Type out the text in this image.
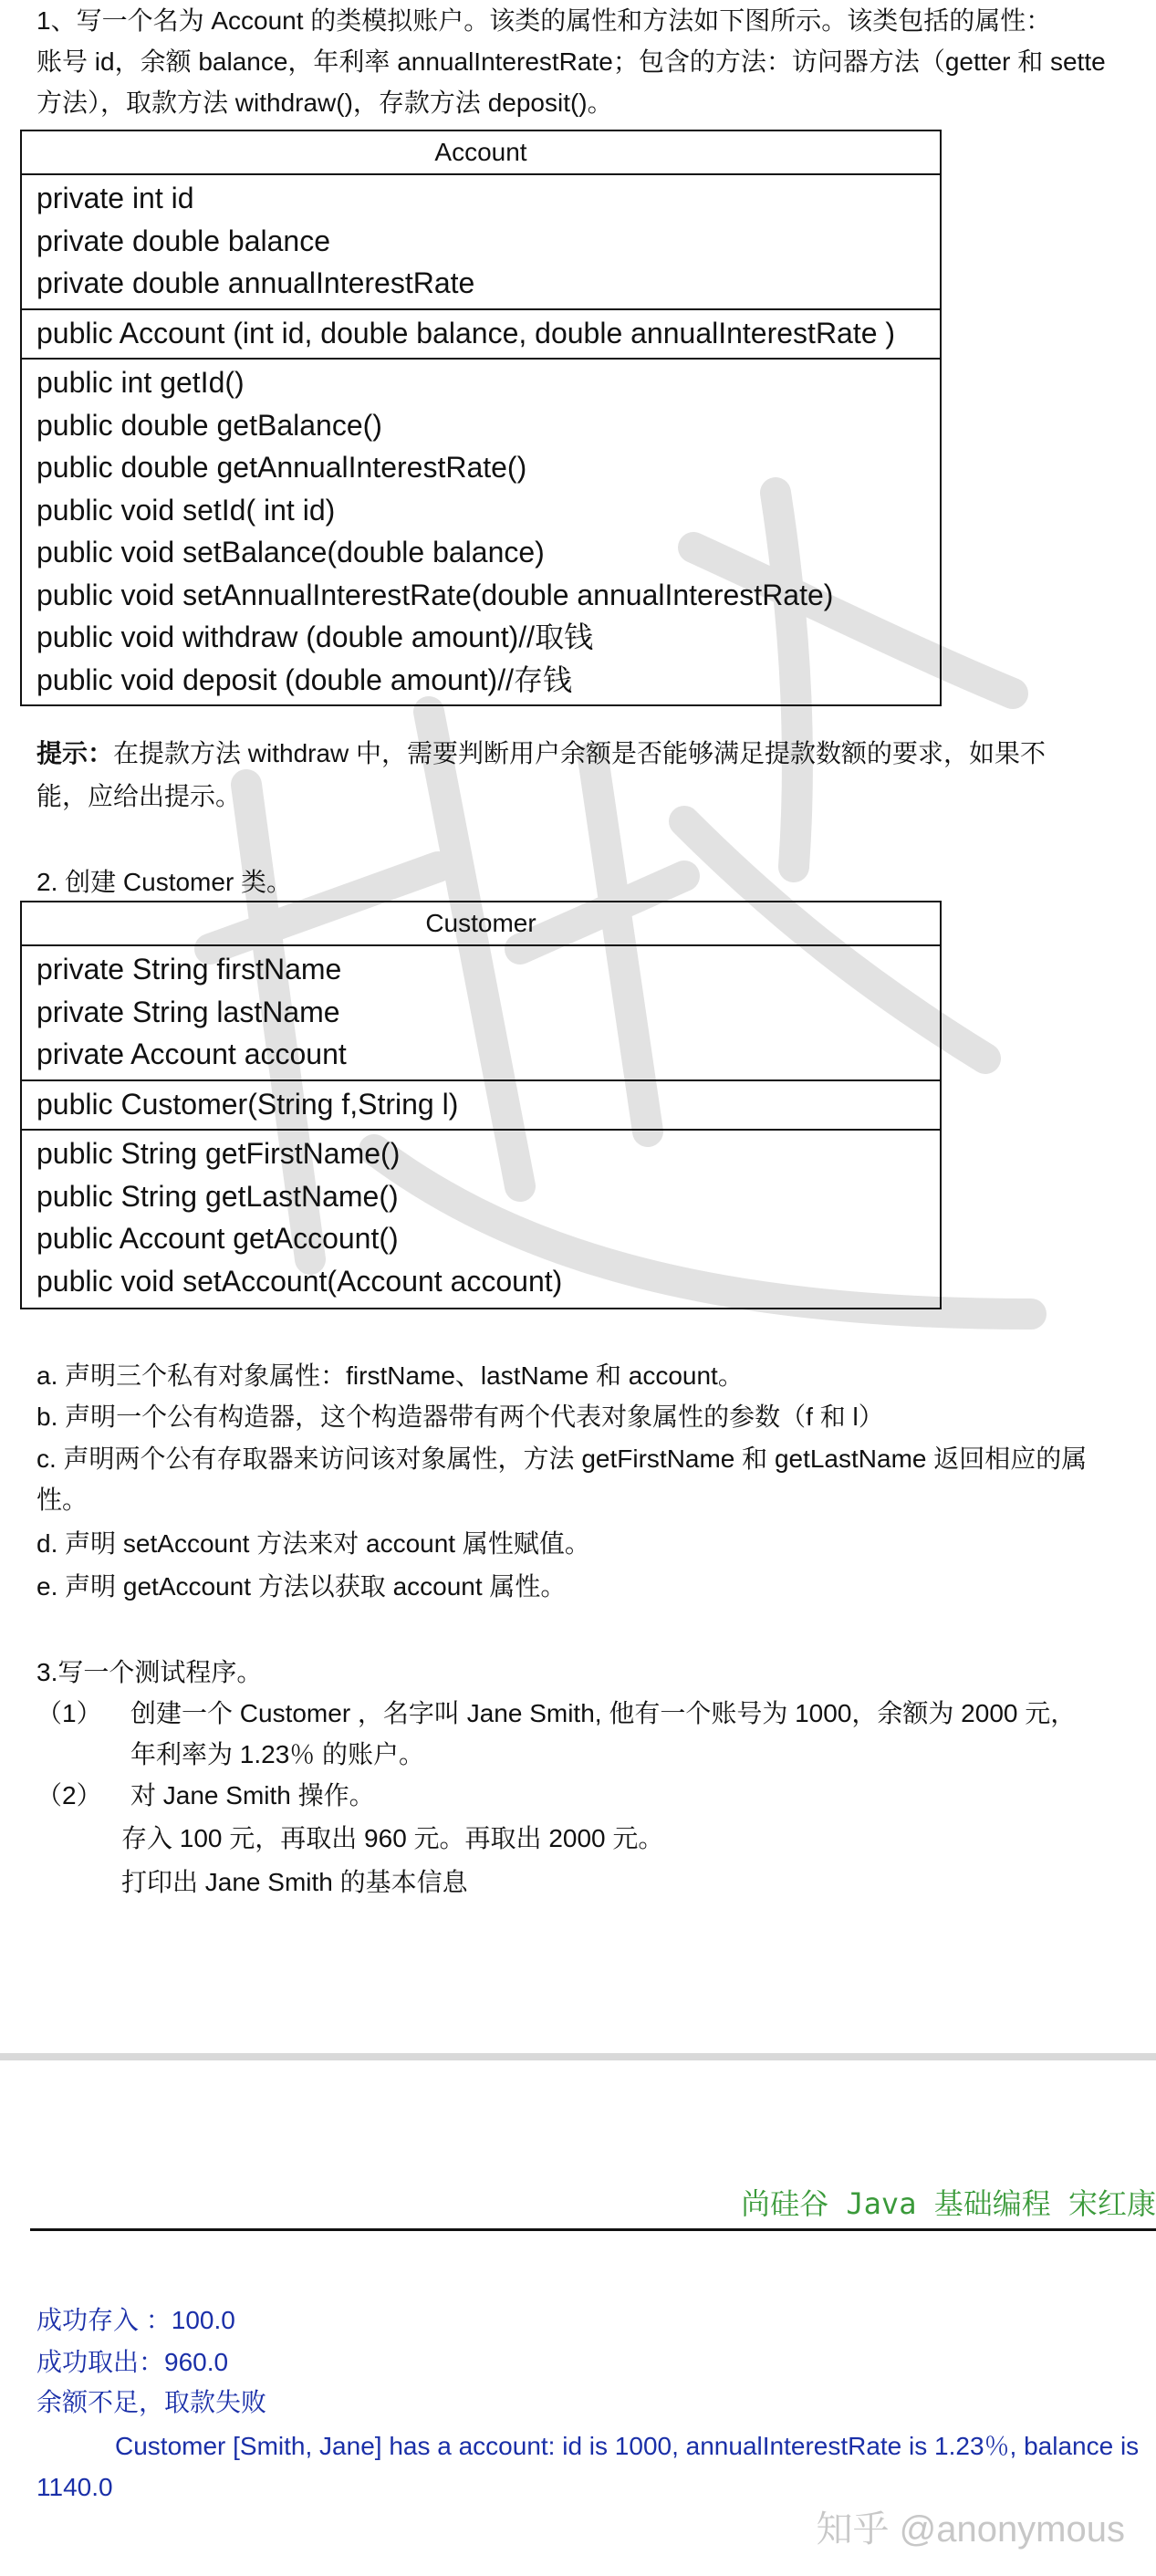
1、写一个名为 Account 的类模拟账户。该类的属性和方法如下图所示。该类包括的属性：
账号 id，余额 balance，年利率 annualInterestRate；包含的方法：访问器方法（getter 和 sette
方法），取款方法 withdraw()，存款方法 deposit()。
Account
private int id
private double balance
private double annualInterestRate
public Account (int id, double balance, double annualInterestRate )
public int getId()
public double getBalance()
public double getAnnualInterestRate()
public void setId( int id)
public void setBalance(double balance)
public void setAnnualInterestRate(double annualInterestRate)
public void withdraw (double amount)//取钱
public void deposit (double amount)//存钱
提示：在提款方法 withdraw 中，需要判断用户余额是否能够满足提款数额的要求，如果不
能，应给出提示。
2. 创建 Customer 类。
Customer
private String firstName
private String lastName
private Account account
public Customer(String f,String l)
public String getFirstName()
public String getLastName()
public Account getAccount()
public void setAccount(Account account)
a. 声明三个私有对象属性：firstName、lastName 和 account。
b. 声明一个公有构造器，这个构造器带有两个代表对象属性的参数（f 和 l）
c. 声明两个公有存取器来访问该对象属性，方法 getFirstName 和 getLastName 返回相应的属
性。
d. 声明 setAccount 方法来对 account 属性赋值。
e. 声明 getAccount 方法以获取 account 属性。
3.写一个测试程序。
（1） 创建一个 Customer ，名字叫 Jane Smith, 他有一个账号为 1000，余额为 2000 元，
年利率为 1.23％ 的账户。
（2） 对 Jane Smith 操作。
存入 100 元，再取出 960 元。再取出 2000 元。
打印出 Jane Smith 的基本信息
尚硅谷 Java 基础编程 宋红康
成功存入 ：100.0
成功取出：960.0
余额不足，取款失败
Customer [Smith, Jane] has a account: id is 1000, annualInterestRate is 1.23％, balance is
1140.0
知乎 @anonymous
